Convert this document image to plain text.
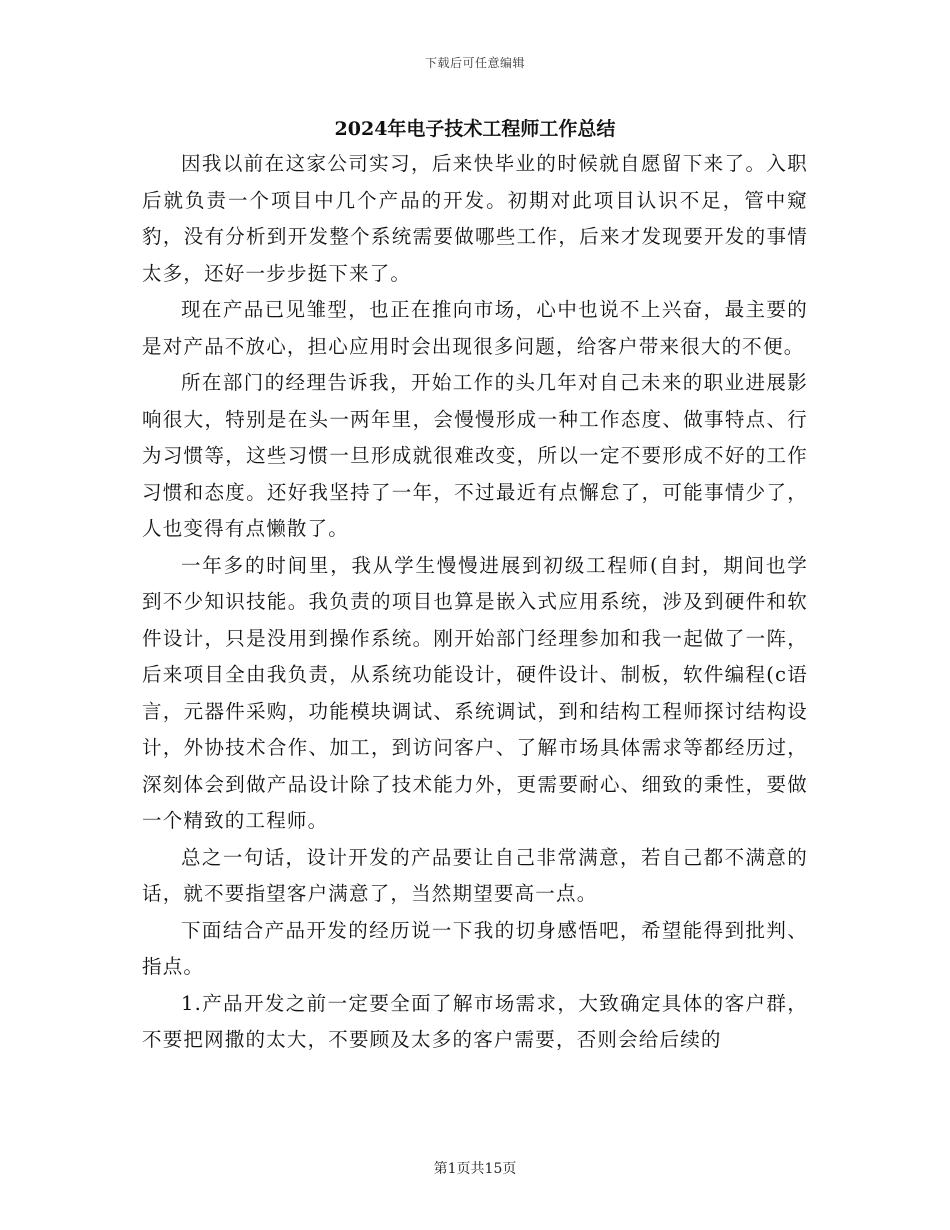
下载后可任意编辑
2024年电子技术工程师工作总结

因我以前在这家公司实习，后来快毕业的时候就自愿留下来了。入职后就负责一个项目中几个产品的开发。初期对此项目认识不足，管中窥豹，没有分析到开发整个系统需要做哪些工作，后来才发现要开发的事情太多，还好一步步挺下来了。

现在产品已见雏型，也正在推向市场，心中也说不上兴奋，最主要的是对产品不放心，担心应用时会出现很多问题，给客户带来很大的不便。

所在部门的经理告诉我，开始工作的头几年对自己未来的职业进展影响很大，特别是在头一两年里，会慢慢形成一种工作态度、做事特点、行为习惯等，这些习惯一旦形成就很难改变，所以一定不要形成不好的工作习惯和态度。还好我坚持了一年，不过最近有点懈怠了，可能事情少了，人也变得有点懒散了。

一年多的时间里，我从学生慢慢进展到初级工程师(自封，期间也学到不少知识技能。我负责的项目也算是嵌入式应用系统，涉及到硬件和软件设计，只是没用到操作系统。刚开始部门经理参加和我一起做了一阵，后来项目全由我负责，从系统功能设计，硬件设计、制板，软件编程(c语言，元器件采购，功能模块调试、系统调试，到和结构工程师探讨结构设计，外协技术合作、加工，到访问客户、了解市场具体需求等都经历过，深刻体会到做产品设计除了技术能力外，更需要耐心、细致的秉性，要做一个精致的工程师。

总之一句话，设计开发的产品要让自己非常满意，若自己都不满意的话，就不要指望客户满意了，当然期望要高一点。

下面结合产品开发的经历说一下我的切身感悟吧，希望能得到批判、指点。

1.产品开发之前一定要全面了解市场需求，大致确定具体的客户群，不要把网撒的太大，不要顾及太多的客户需要，否则会给后续的

第1页共15页
